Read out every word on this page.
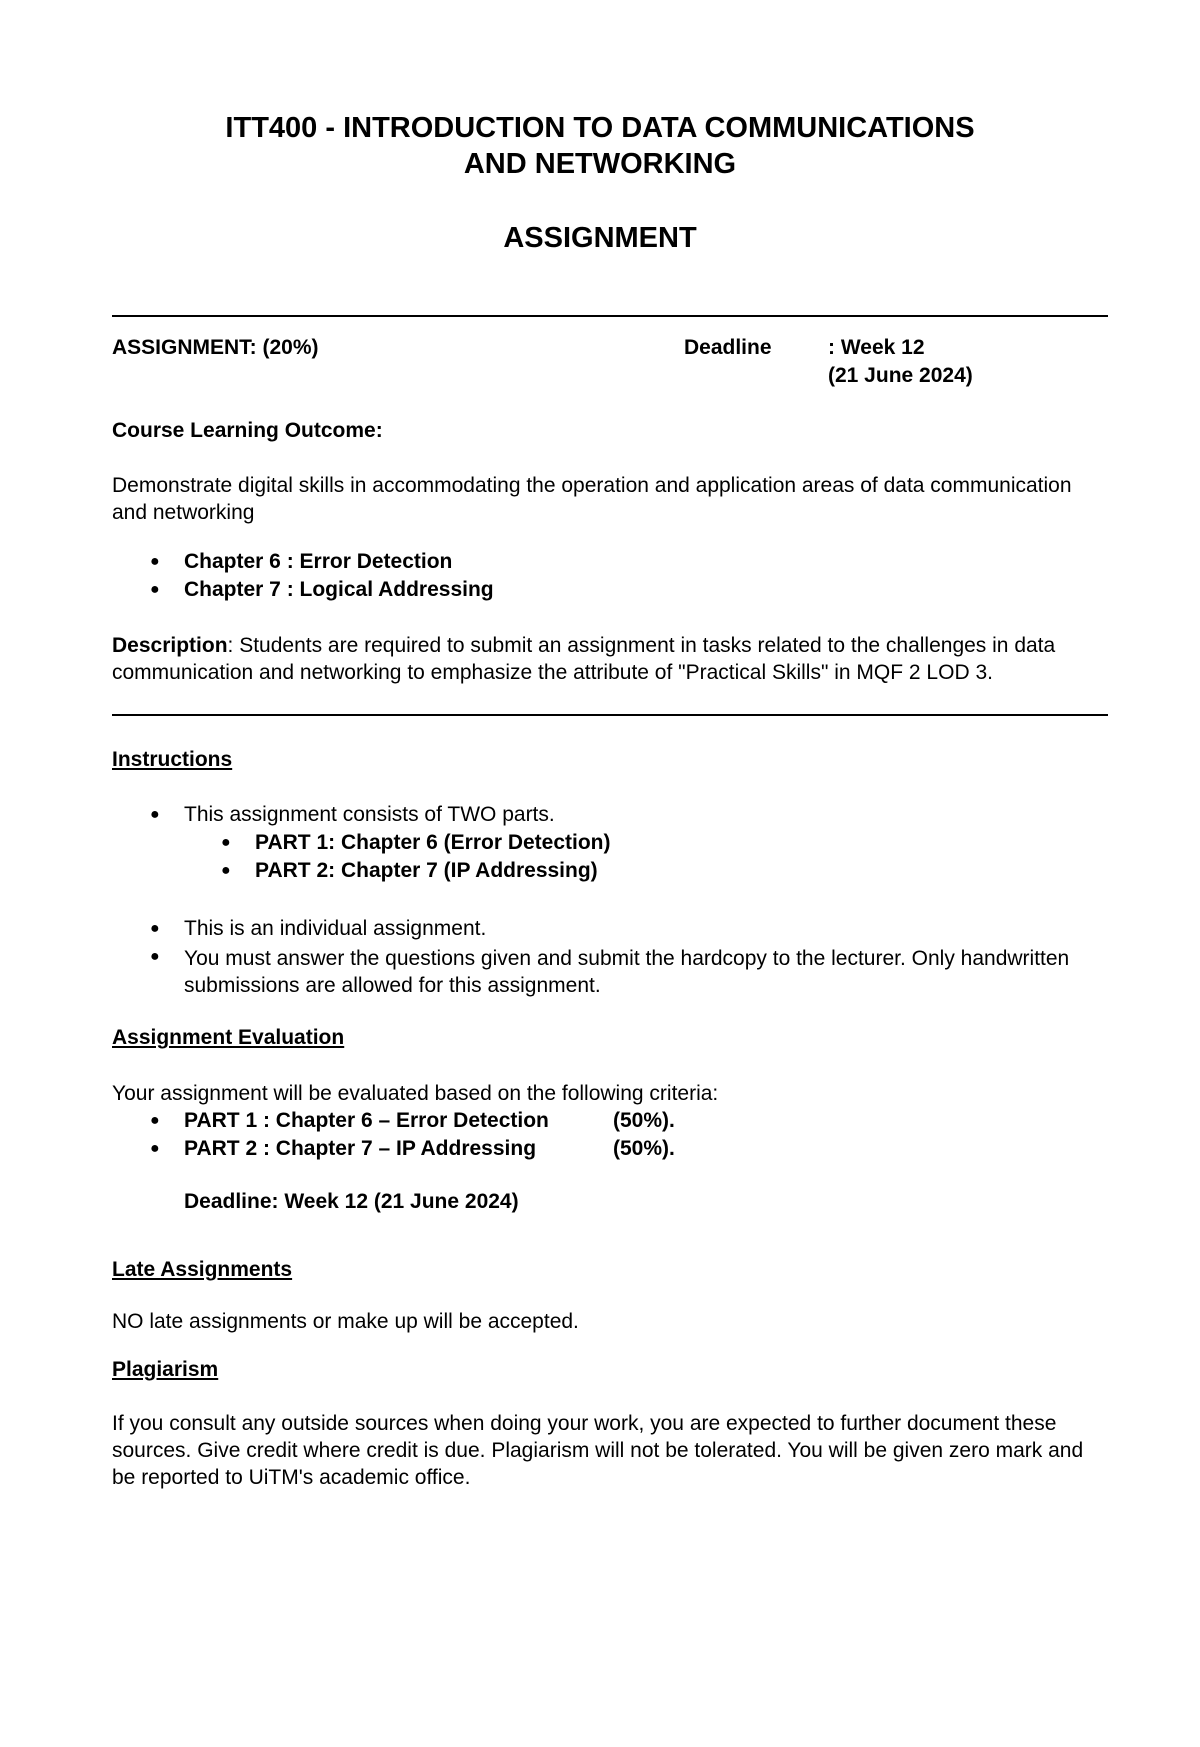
ITT400 - INTRODUCTION TO DATA COMMUNICATIONS
AND NETWORKING
ASSIGNMENT
ASSIGNMENT: (20%)	Deadline	: Week 12
(21 June 2024)
Course Learning Outcome:
Demonstrate digital skills in accommodating the operation and application areas of data communication and networking
● Chapter 6 : Error Detection
● Chapter 7 : Logical Addressing
Description: Students are required to submit an assignment in tasks related to the challenges in data communication and networking to emphasize the attribute of "Practical Skills" in MQF 2 LOD 3.
Instructions
● This assignment consists of TWO parts.
● PART 1: Chapter 6 (Error Detection)
● PART 2: Chapter 7 (IP Addressing)
● This is an individual assignment.
● You must answer the questions given and submit the hardcopy to the lecturer. Only handwritten submissions are allowed for this assignment.
Assignment Evaluation
Your assignment will be evaluated based on the following criteria:
● PART 1 : Chapter 6 – Error Detection	(50%).
● PART 2 : Chapter 7 – IP Addressing	(50%).
Deadline: Week 12 (21 June 2024)
Late Assignments
NO late assignments or make up will be accepted.
Plagiarism
If you consult any outside sources when doing your work, you are expected to further document these sources. Give credit where credit is due. Plagiarism will not be tolerated. You will be given zero mark and be reported to UiTM's academic office.
